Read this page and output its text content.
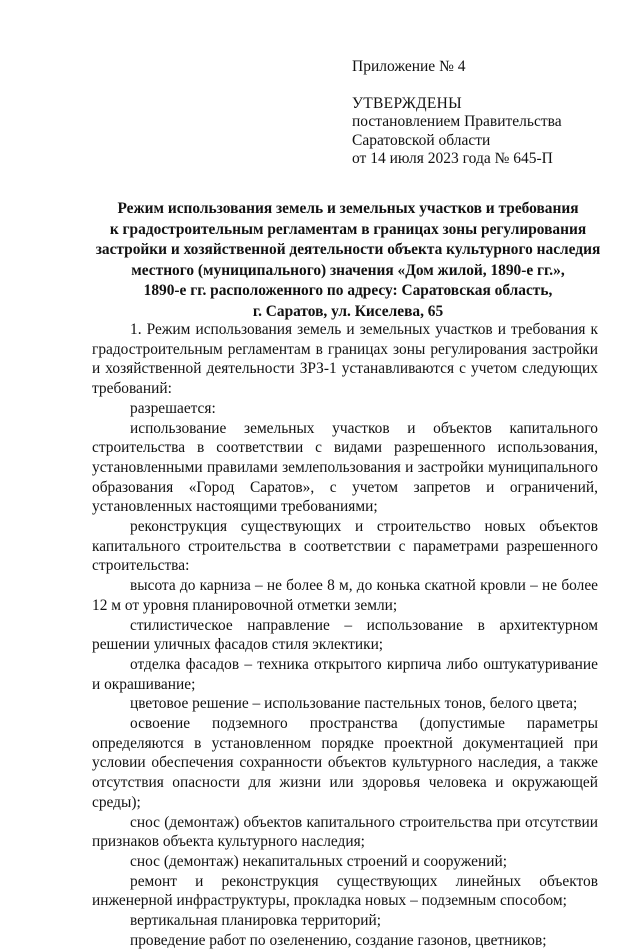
Приложение № 4
УТВЕРЖДЕНЫ
постановлением Правительства
Саратовской области
от 14 июля 2023 года № 645-П
Режим использования земель и земельных участков и требования
к градостроительным регламентам в границах зоны регулирования
застройки и хозяйственной деятельности объекта культурного наследия
местного (муниципального) значения «Дом жилой, 1890-е гг.»,
1890-е гг. расположенного по адресу: Саратовская область,
г. Саратов, ул. Киселева, 65

1. Режим использования земель и земельных участков и требования к градостроительным регламентам в границах зоны регулирования застройки и хозяйственной деятельности ЗРЗ-1 устанавливаются с учетом следующих требований:

разрешается:

использование земельных участков и объектов капитального строительства в соответствии с видами разрешенного использования, установленными правилами землепользования и застройки муниципального образования «Город Саратов», с учетом запретов и ограничений, установленных настоящими требованиями;

реконструкция существующих и строительство новых объектов капитального строительства в соответствии с параметрами разрешенного строительства:

высота до карниза – не более 8 м, до конька скатной кровли – не более 12 м от уровня планировочной отметки земли;

стилистическое направление – использование в архитектурном решении уличных фасадов стиля эклектики;

отделка фасадов – техника открытого кирпича либо оштукатуривание и окрашивание;

цветовое решение – использование пастельных тонов, белого цвета;

освоение подземного пространства (допустимые параметры определяются в установленном порядке проектной документацией при условии обеспечения сохранности объектов культурного наследия, а также отсутствия опасности для жизни или здоровья человека и окружающей среды);

снос (демонтаж) объектов капитального строительства при отсутствии признаков объекта культурного наследия;

снос (демонтаж) некапитальных строений и сооружений;

ремонт и реконструкция существующих линейных объектов инженерной инфраструктуры, прокладка новых – подземным способом;

вертикальная планировка территорий;

проведение работ по озеленению, создание газонов, цветников;
